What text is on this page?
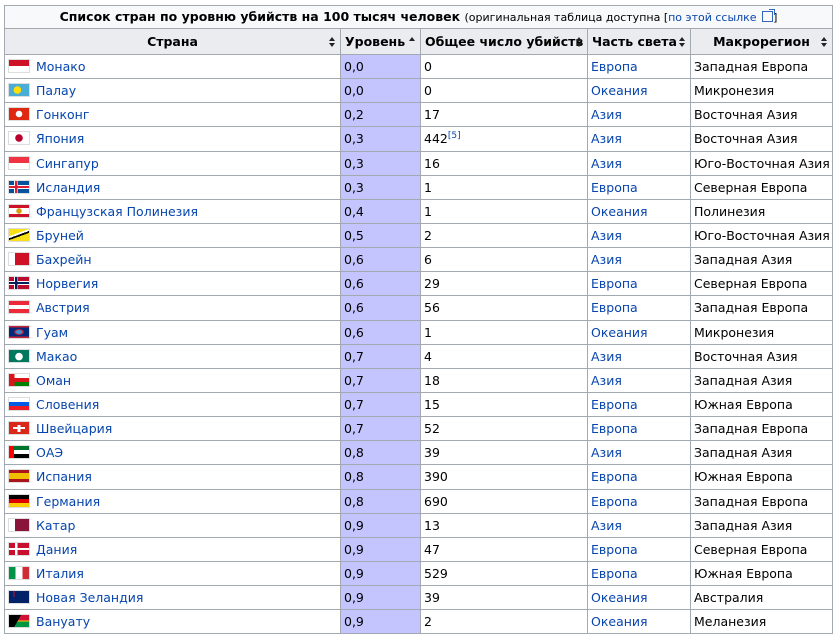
Список стран по уровню убийств на 100 тысяч человек (оригинальная таблица доступна [по этой ссылке ]
Страна	Уровень	Общее число убийств	Часть света	Макрорегион

Монако	0,0	0	Европа	Западная Европа
Палау	0,0	0	Океания	Микронезия
Гонконг	0,2	17	Азия	Восточная Азия
Япония	0,3	442[5]	Азия	Восточная Азия
Сингапур	0,3	16	Азия	Юго-Восточная Азия
Исландия	0,3	1	Европа	Северная Европа
Французская Полинезия	0,4	1	Океания	Полинезия
Бруней	0,5	2	Азия	Юго-Восточная Азия
Бахрейн	0,6	6	Азия	Западная Азия
Норвегия	0,6	29	Европа	Северная Европа
Австрия	0,6	56	Европа	Западная Европа
Гуам	0,6	1	Океания	Микронезия
Макао	0,7	4	Азия	Восточная Азия
Оман	0,7	18	Азия	Западная Азия
Словения	0,7	15	Европа	Южная Европа
Швейцария	0,7	52	Европа	Западная Европа
ОАЭ	0,8	39	Азия	Западная Азия
Испания	0,8	390	Европа	Южная Европа
Германия	0,8	690	Европа	Западная Европа
Катар	0,9	13	Азия	Западная Азия
Дания	0,9	47	Европа	Северная Европа
Италия	0,9	529	Европа	Южная Европа
Новая Зеландия	0,9	39	Океания	Австралия
Вануату	0,9	2	Океания	Меланезия
